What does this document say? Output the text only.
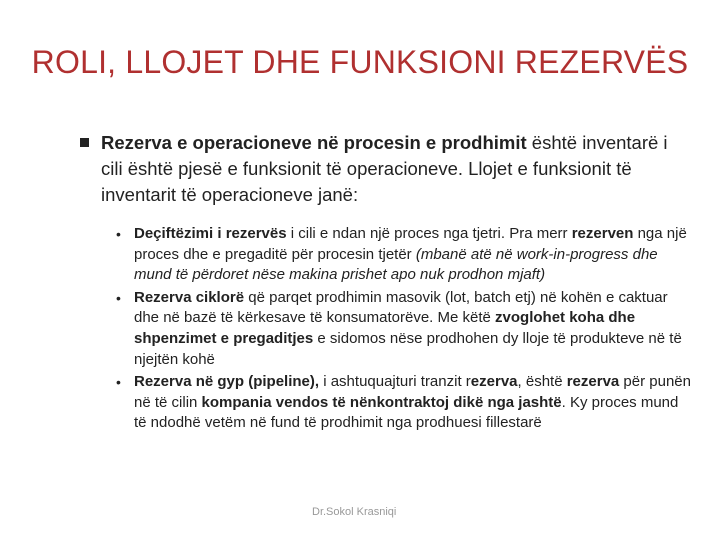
ROLI, LLOJET DHE FUNKSIONI REZERVËS
Rezerva e operacioneve në procesin e prodhimit është inventarë i cili është pjesë e funksionit të operacioneve. Llojet e funksionit të inventarit të operacioneve janë:
• Deçiftëzimi i rezervës i cili e ndan një proces nga tjetri. Pra merr rezerven nga një proces dhe e pregaditë për procesin tjetër (mbanë atë në work-in-progress dhe mund të përdoret nëse makina prishet apo nuk prodhon mjaft)
• Rezerva ciklorë që parqet prodhimin masovik (lot, batch etj) në kohën e caktuar dhe në bazë të kërkesave të konsumatorëve. Me këtë zvoglohet koha dhe shpenzimet e pregaditjes e sidomos nëse prodhohen dy lloje të produkteve në të njejtën kohë
• Rezerva në gyp (pipeline), i ashtuquajturi tranzit rezerva, është rezerva për punën në të cilin kompania vendos të nënkontraktoj dikë nga jashtë. Ky proces mund të ndodhë vetëm në fund të prodhimit nga prodhuesi fillestarë
Dr.Sokol Krasniqi
